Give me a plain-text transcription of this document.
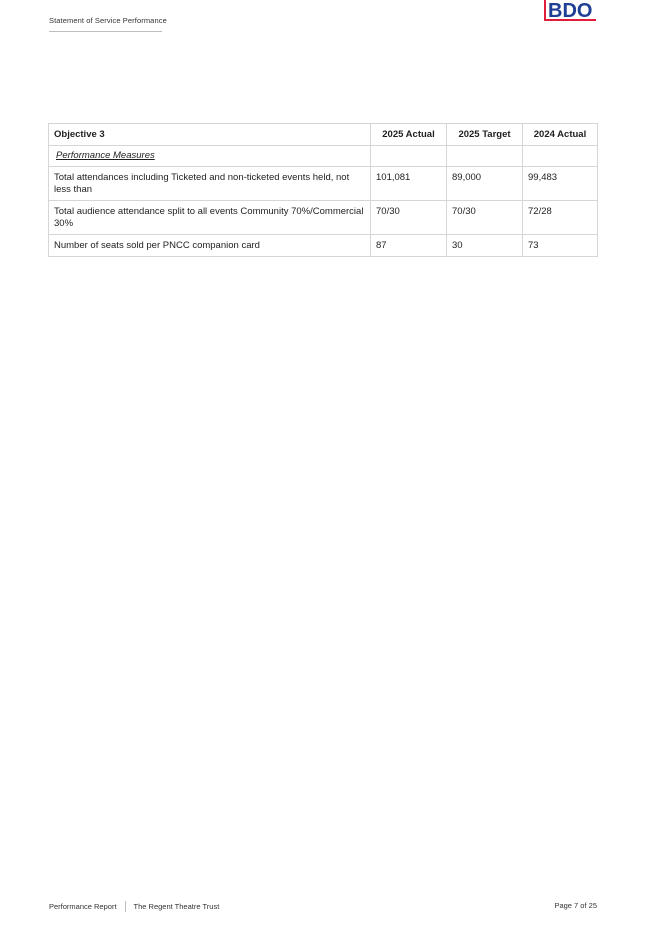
Statement of Service Performance	BDO
Objective 3	2025 Actual	2025 Target	2024 Actual
Performance Measures			
Total attendances including Ticketed and non-ticketed events held, not less than	101,081	89,000	99,483
Total audience attendance split to all events Community 70%/Commercial 30%	70/30	70/30	72/28
Number of seats sold per PNCC companion card	87	30	73
Performance Report The Regent Theatre Trust	Page 7 of 25
